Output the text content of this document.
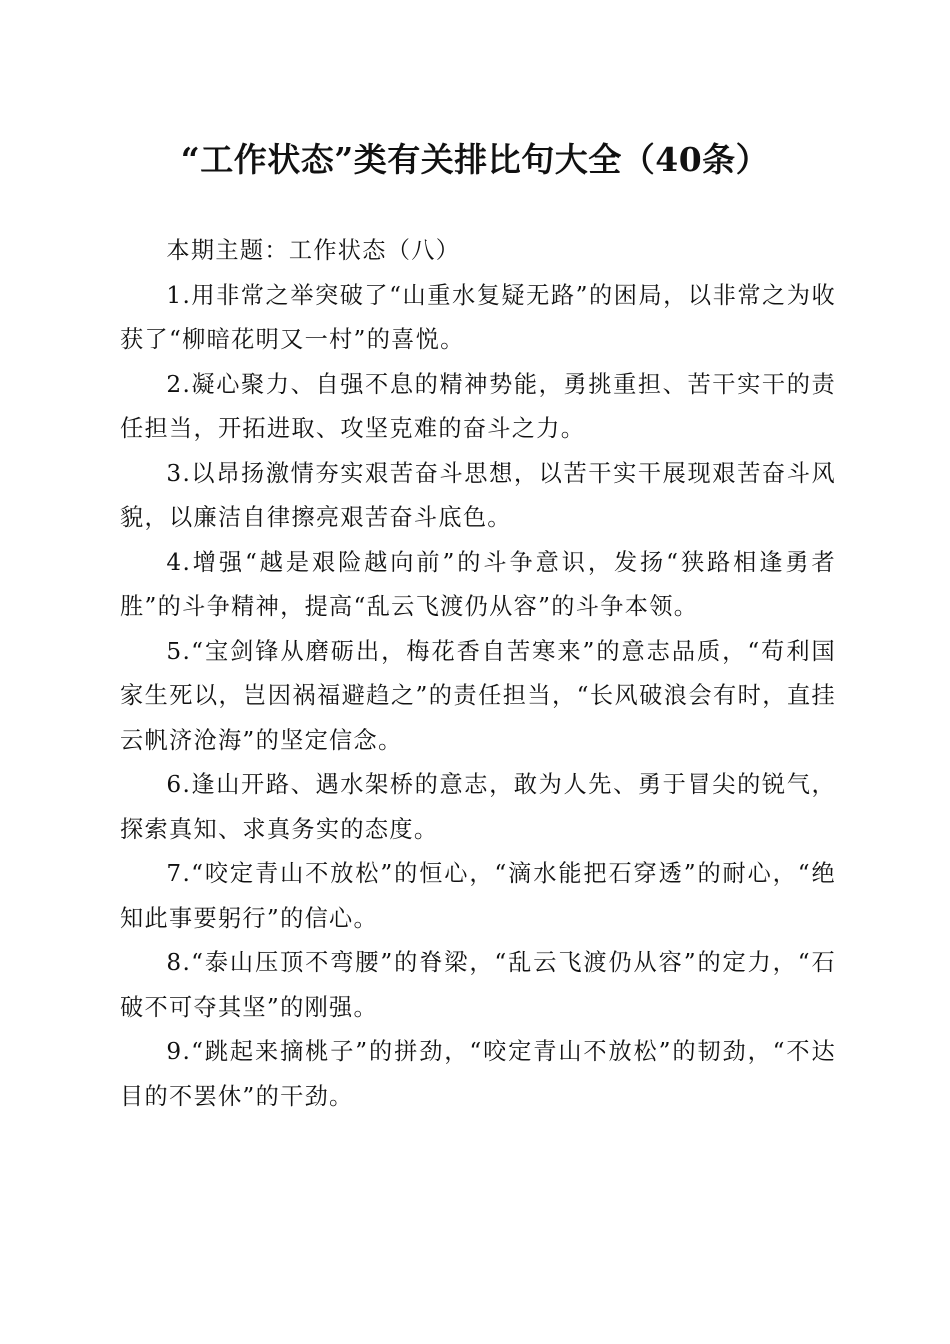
“工作状态”类有关排比句大全（40条）

本期主题：工作状态（八）

1.用非常之举突破了“山重水复疑无路”的困局，以非常之为收获了“柳暗花明又一村”的喜悦。

2.凝心聚力、自强不息的精神势能，勇挑重担、苦干实干的责任担当，开拓进取、攻坚克难的奋斗之力。

3.以昂扬激情夯实艰苦奋斗思想，以苦干实干展现艰苦奋斗风貌，以廉洁自律擦亮艰苦奋斗底色。

4.增强“越是艰险越向前”的斗争意识，发扬“狭路相逢勇者胜”的斗争精神，提高“乱云飞渡仍从容”的斗争本领。

5.“宝剑锋从磨砺出，梅花香自苦寒来”的意志品质，“苟利国家生死以，岂因祸福避趋之”的责任担当，“长风破浪会有时，直挂云帆济沧海”的坚定信念。

6.逢山开路、遇水架桥的意志，敢为人先、勇于冒尖的锐气，探索真知、求真务实的态度。

7.“咬定青山不放松”的恒心，“滴水能把石穿透”的耐心，“绝知此事要躬行”的信心。

8.“泰山压顶不弯腰”的脊梁，“乱云飞渡仍从容”的定力，“石破不可夺其坚”的刚强。

9.“跳起来摘桃子”的拼劲，“咬定青山不放松”的韧劲，“不达目的不罢休”的干劲。
